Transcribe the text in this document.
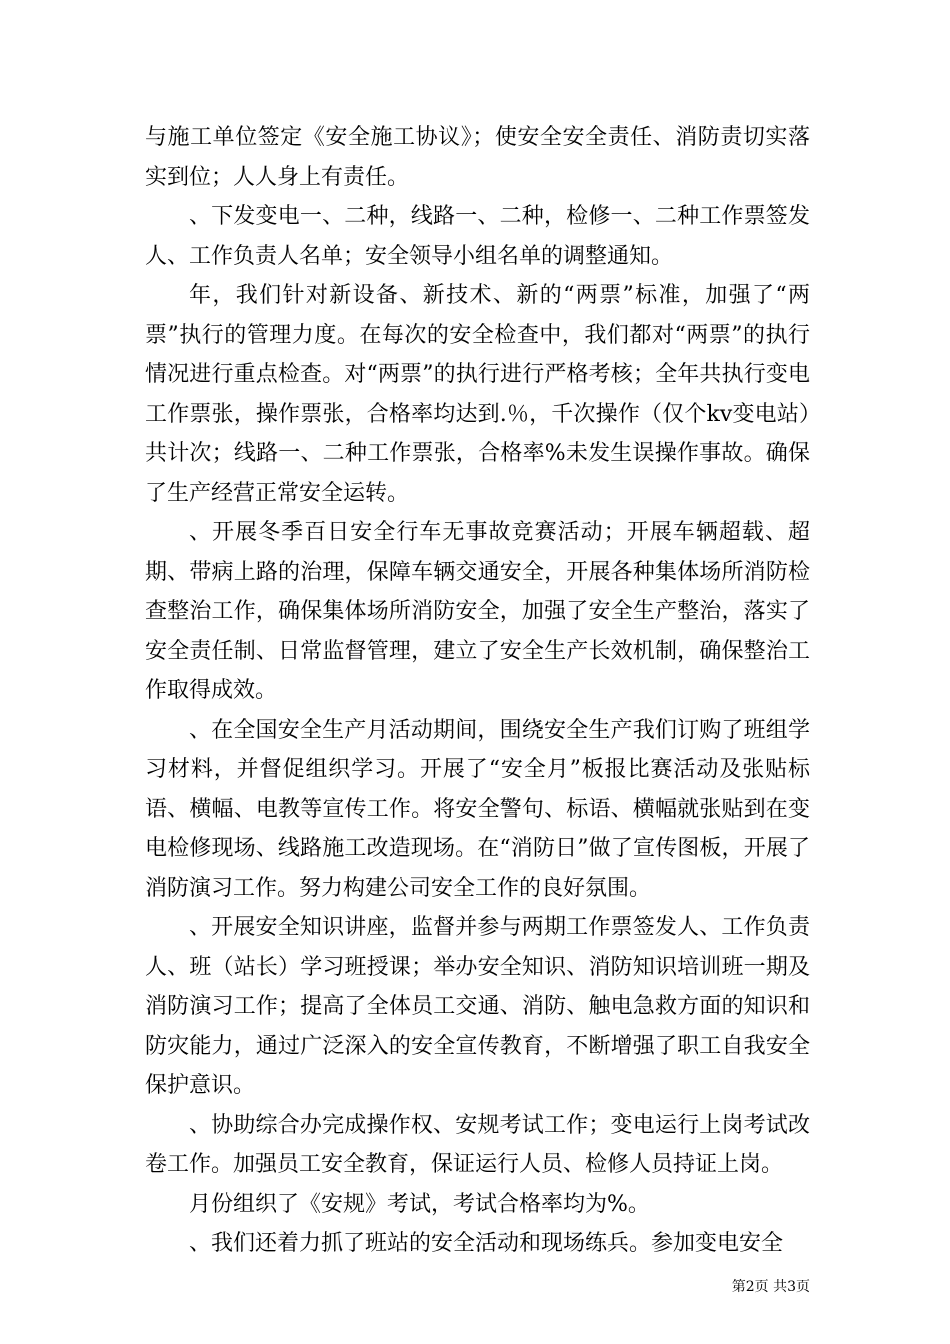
与施工单位签定《安全施工协议》；使安全安全责任、消防责切实落实到位；人人身上有责任。

、下发变电一、二种，线路一、二种，检修一、二种工作票签发人、工作负责人名单；安全领导小组名单的调整通知。

年，我们针对新设备、新技术、新的“两票”标准，加强了“两票”执行的管理力度。在每次的安全检查中，我们都对“两票”的执行情况进行重点检查。对“两票”的执行进行严格考核；全年共执行变电工作票张，操作票张，合格率均达到.％，千次操作（仅个kv变电站）共计次；线路一、二种工作票张，合格率%未发生误操作事故。确保了生产经营正常安全运转。

、开展冬季百日安全行车无事故竞赛活动；开展车辆超载、超期、带病上路的治理，保障车辆交通安全，开展各种集体场所消防检查整治工作，确保集体场所消防安全，加强了安全生产整治，落实了安全责任制、日常监督管理，建立了安全生产长效机制，确保整治工作取得成效。

、在全国安全生产月活动期间，围绕安全生产我们订购了班组学习材料，并督促组织学习。开展了“安全月”板报比赛活动及张贴标语、横幅、电教等宣传工作。将安全警句、标语、横幅就张贴到在变电检修现场、线路施工改造现场。在“消防日”做了宣传图板，开展了消防演习工作。努力构建公司安全工作的良好氛围。

、开展安全知识讲座，监督并参与两期工作票签发人、工作负责人、班（站长）学习班授课；举办安全知识、消防知识培训班一期及消防演习工作；提高了全体员工交通、消防、触电急救方面的知识和防灾能力，通过广泛深入的安全宣传教育，不断增强了职工自我安全保护意识。

、协助综合办完成操作权、安规考试工作；变电运行上岗考试改卷工作。加强员工安全教育，保证运行人员、检修人员持证上岗。

月份组织了《安规》考试，考试合格率均为%。

、我们还着力抓了班站的安全活动和现场练兵。参加变电安全

第2页 共3页
